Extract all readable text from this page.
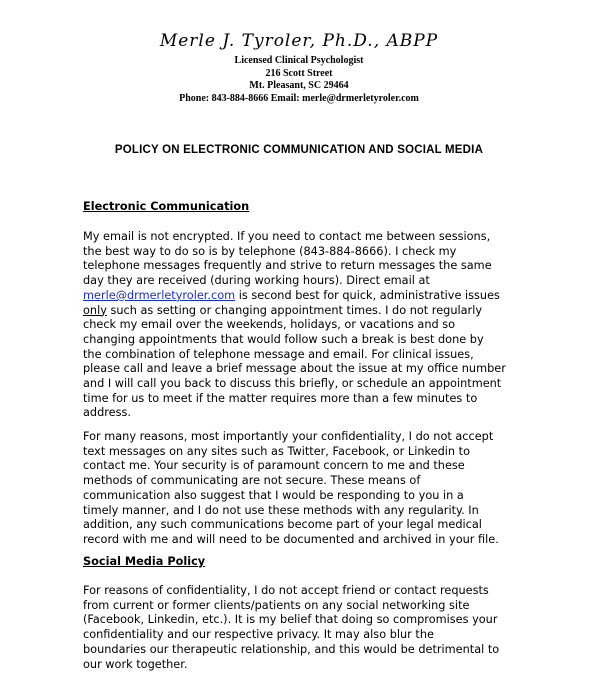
Merle J. Tyroler, Ph.D., ABPP
Licensed Clinical Psychologist
216 Scott Street
Mt. Pleasant, SC 29464
Phone: 843-884-8666 Email: merle@drmerletyroler.com
POLICY ON ELECTRONIC COMMUNICATION AND SOCIAL MEDIA
Electronic Communication
My email is not encrypted. If you need to contact me between sessions,
the best way to do so is by telephone (843-884-8666). I check my
telephone messages frequently and strive to return messages the same
day they are received (during working hours). Direct email at
merle@drmerletyroler.com is second best for quick, administrative issues
only such as setting or changing appointment times. I do not regularly
check my email over the weekends, holidays, or vacations and so
changing appointments that would follow such a break is best done by
the combination of telephone message and email. For clinical issues,
please call and leave a brief message about the issue at my office number
and I will call you back to discuss this briefly, or schedule an appointment
time for us to meet if the matter requires more than a few minutes to
address.
For many reasons, most importantly your confidentiality, I do not accept
text messages on any sites such as Twitter, Facebook, or Linkedin to
contact me. Your security is of paramount concern to me and these
methods of communicating are not secure. These means of
communication also suggest that I would be responding to you in a
timely manner, and I do not use these methods with any regularity. In
addition, any such communications become part of your legal medical
record with me and will need to be documented and archived in your file.
Social Media Policy
For reasons of confidentiality, I do not accept friend or contact requests
from current or former clients/patients on any social networking site
(Facebook, Linkedin, etc.). It is my belief that doing so compromises your
confidentiality and our respective privacy. It may also blur the
boundaries our therapeutic relationship, and this would be detrimental to
our work together.
